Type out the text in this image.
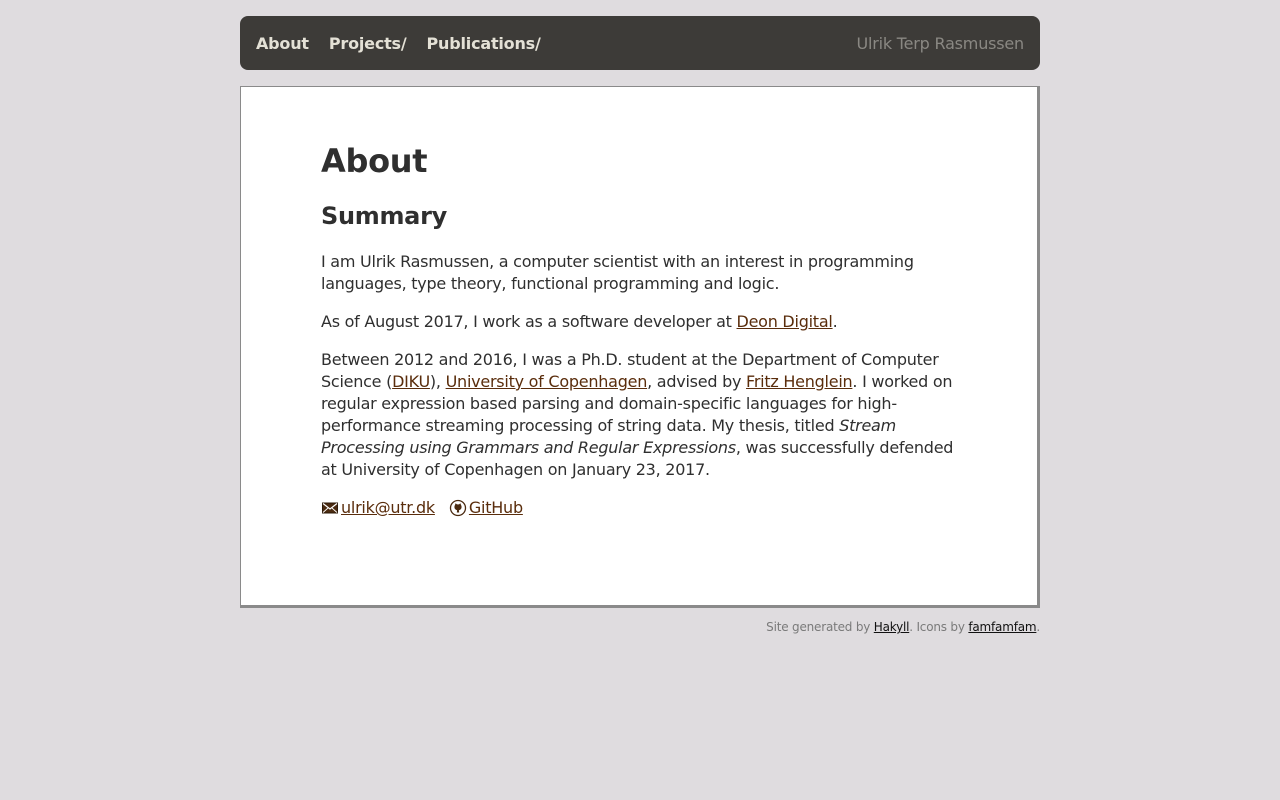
About Projects/ Publications/	Ulrik Terp Rasmussen
About
Summary

I am Ulrik Rasmussen, a computer scientist with an interest in programming languages, type theory, functional programming and logic.

As of August 2017, I work as a software developer at Deon Digital.

Between 2012 and 2016, I was a Ph.D. student at the Department of Computer Science (DIKU), University of Copenhagen, advised by Fritz Henglein. I worked on regular expression based parsing and domain-specific languages for high-performance streaming processing of string data. My thesis, titled Stream Processing using Grammars and Regular Expressions, was successfully defended at University of Copenhagen on January 23, 2017.

ulrik@utr.dk GitHub
Site generated by Hakyll. Icons by famfamfam.
